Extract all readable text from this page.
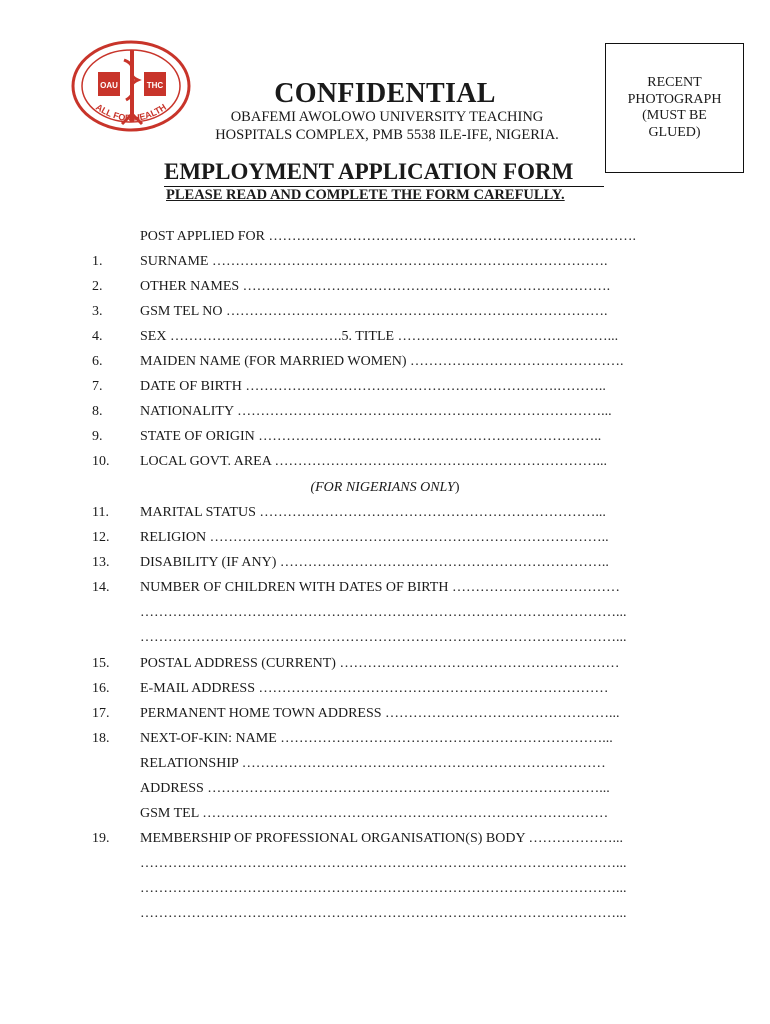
OAU	THC
ALL FOR HEALTH	CONFIDENTIAL
OBAFEMI AWOLOWO UNIVERSITY TEACHING
HOSPITALS COMPLEX, PMB 5538 ILE-IFE, NIGERIA.
RECENT
PHOTOGRAPH
(MUST BE
GLUED)
EMPLOYMENT APPLICATION FORM
PLEASE READ AND COMPLETE THE FORM CAREFULLY.
POST APPLIED FOR …………………………………………………………………….
1.	SURNAME ………………………………………………………………………….
2.	OTHER NAMES …………………………………………………………………….
3.	GSM TEL NO ……………………………………………………………………….
4.	SEX ……………………………….5. TITLE ………………………………………...
6.	MAIDEN NAME (FOR MARRIED WOMEN) ……………………………………….
7.	DATE OF BIRTH ………………………………………………………….………..
8.	NATIONALITY ……………………………………………………………………...
9.	STATE OF ORIGIN ………………………………………………………………..
10. LOCAL GOVT. AREA ……………………………………………………………...
11. MARITAL STATUS ………………………………………………………………...
12. RELIGION …………………………………………………………………………..
13. DISABILITY (IF ANY) ……………………………………………………………..
14. NUMBER OF CHILDREN WITH DATES OF BIRTH ………………………………
…………………………………………………………………………………………...
…………………………………………………………………………………………...
15. POSTAL ADDRESS (CURRENT) ……………………………………………………
16. E-MAIL ADDRESS …………………………………………………………………
17. PERMANENT HOME TOWN ADDRESS …………………………………………...
18. NEXT-OF-KIN: NAME ……………………………………………………………...
RELATIONSHIP ……………………………………………………………………
ADDRESS …………………………………………………………………………...
GSM TEL ……………………………………………………………………………
19. MEMBERSHIP OF PROFESSIONAL ORGANISATION(S) BODY ………………...
…………………………………………………………………………………………...
…………………………………………………………………………………………...
…………………………………………………………………………………………...
(FOR NIGERIANS ONLY)
